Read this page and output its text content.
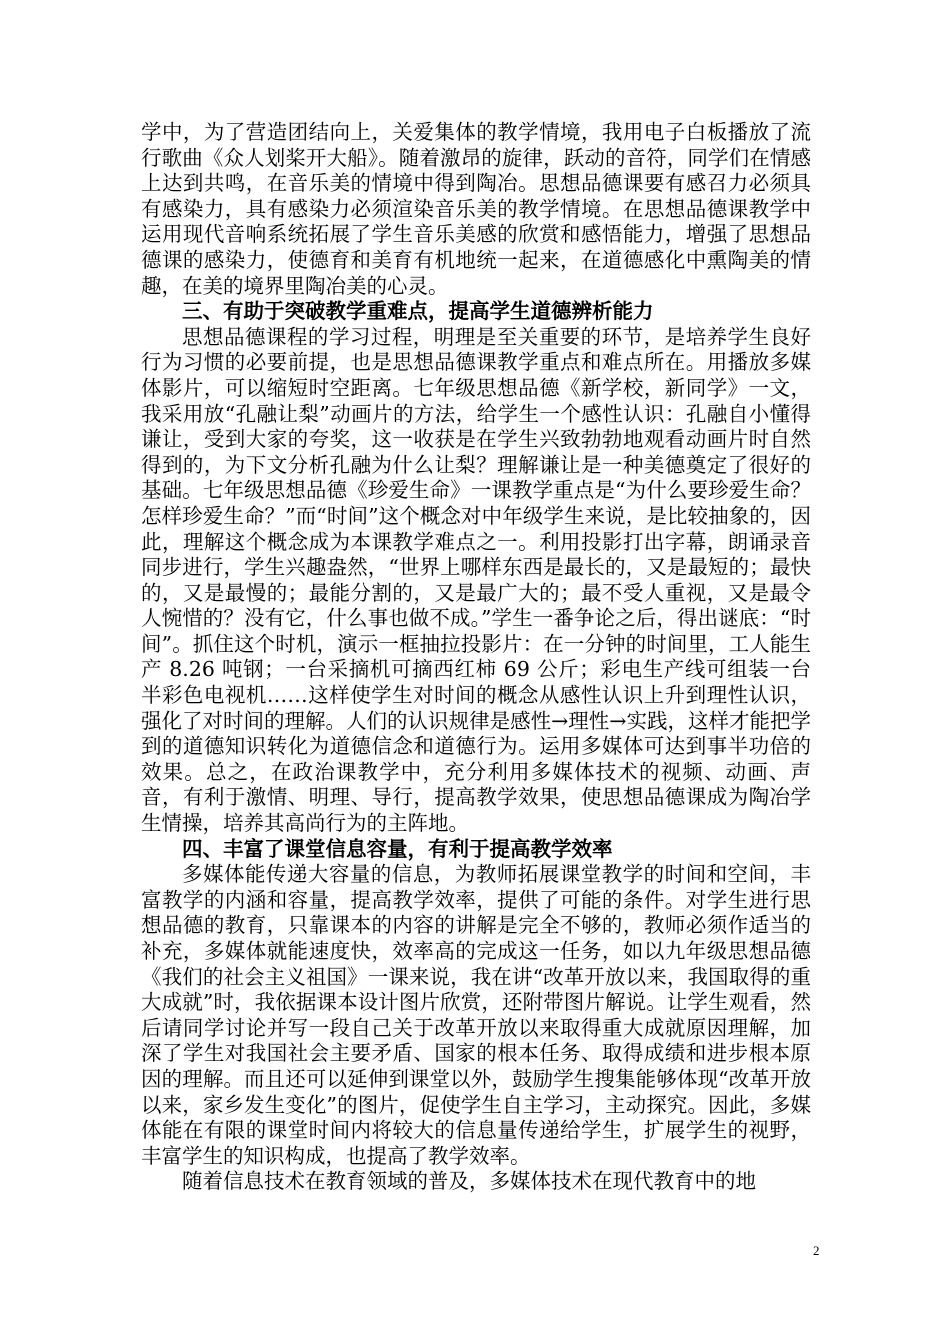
学中，为了营造团结向上，关爱集体的教学情境，我用电子白板播放了流行歌曲《众人划桨开大船》。随着激昂的旋律，跃动的音符，同学们在情感上达到共鸣，在音乐美的情境中得到陶冶。思想品德课要有感召力必须具有感染力，具有感染力必须渲染音乐美的教学情境。在思想品德课教学中运用现代音响系统拓展了学生音乐美感的欣赏和感悟能力，增强了思想品德课的感染力，使德育和美育有机地统一起来，在道德感化中熏陶美的情趣，在美的境界里陶冶美的心灵。

三、有助于突破教学重难点，提高学生道德辨析能力

思想品德课程的学习过程，明理是至关重要的环节，是培养学生良好行为习惯的必要前提，也是思想品德课教学重点和难点所在。用播放多媒体影片，可以缩短时空距离。七年级思想品德《新学校，新同学》一文，我采用放“孔融让梨”动画片的方法，给学生一个感性认识：孔融自小懂得谦让，受到大家的夸奖，这一收获是在学生兴致勃勃地观看动画片时自然得到的，为下文分析孔融为什么让梨？理解谦让是一种美德奠定了很好的基础。七年级思想品德《珍爱生命》一课教学重点是“为什么要珍爱生命？怎样珍爱生命？”而“时间”这个概念对中年级学生来说，是比较抽象的，因此，理解这个概念成为本课教学难点之一。利用投影打出字幕，朗诵录音同步进行，学生兴趣盎然，“世界上哪样东西是最长的，又是最短的；最快的，又是最慢的；最能分割的，又是最广大的；最不受人重视，又是最令人惋惜的？没有它，什么事也做不成。”学生一番争论之后，得出谜底：“时间”。抓住这个时机，演示一框抽拉投影片：在一分钟的时间里，工人能生产 8.26 吨钢；一台采摘机可摘西红柿 69 公斤；彩电生产线可组装一台半彩色电视机……这样使学生对时间的概念从感性认识上升到理性认识，强化了对时间的理解。人们的认识规律是感性→理性→实践，这样才能把学到的道德知识转化为道德信念和道德行为。运用多媒体可达到事半功倍的效果。总之，在政治课教学中，充分利用多媒体技术的视频、动画、声音，有利于激情、明理、导行，提高教学效果，使思想品德课成为陶冶学生情操，培养其高尚行为的主阵地。

四、丰富了课堂信息容量，有利于提高教学效率

多媒体能传递大容量的信息，为教师拓展课堂教学的时间和空间，丰富教学的内涵和容量，提高教学效率，提供了可能的条件。对学生进行思想品德的教育，只靠课本的内容的讲解是完全不够的，教师必须作适当的补充，多媒体就能速度快，效率高的完成这一任务，如以九年级思想品德《我们的社会主义祖国》一课来说，我在讲“改革开放以来，我国取得的重大成就”时，我依据课本设计图片欣赏，还附带图片解说。让学生观看，然后请同学讨论并写一段自己关于改革开放以来取得重大成就原因理解，加深了学生对我国社会主要矛盾、国家的根本任务、取得成绩和进步根本原因的理解。而且还可以延伸到课堂以外，鼓励学生搜集能够体现“改革开放以来，家乡发生变化”的图片，促使学生自主学习，主动探究。因此，多媒体能在有限的课堂时间内将较大的信息量传递给学生，扩展学生的视野，丰富学生的知识构成，也提高了教学效率。

随着信息技术在教育领域的普及，多媒体技术在现代教育中的地

2
